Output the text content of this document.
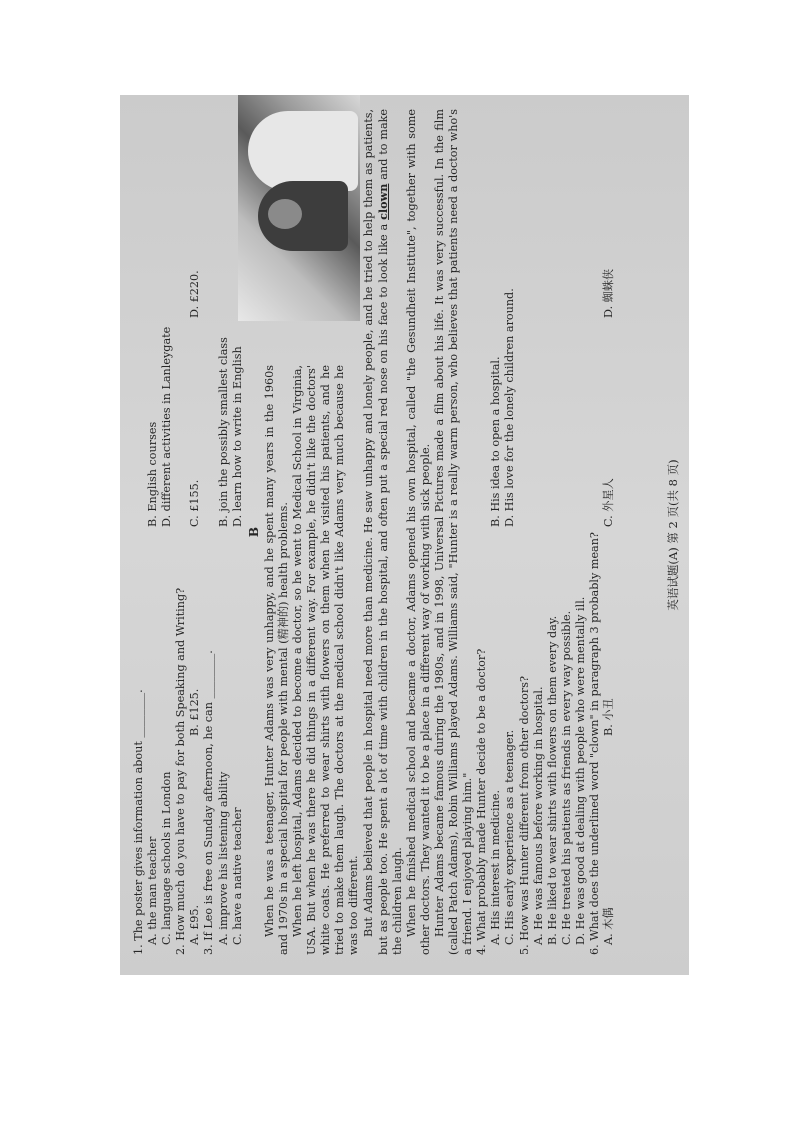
1. The poster gives information about ________. A. the man teacher
B. English courses
C. language schools in London
D. different activities in Lanleygate

2. How much do you have to pay for both Speaking and Writing? A. £95.
B. £125.
C. £155.
D. £220.

3. If Leo is free on Sunday afternoon, he can ________. A. improve his listening ability
B. join the possibly smallest class
C. have a native teacher
D. learn how to write in English
B When he was a teenager, Hunter Adams was very unhappy, and he spent many years in the 1960s and 1970s in a special hospital for people with mental (精神的) health problems. When he left hospital, Adams decided to become a doctor, so he went to Medical School in Virginia, USA. But when he was there he did things in a different way. For example, he didn't like the doctors' white coats. He preferred to wear shirts with flowers on them when he visited his patients, and he tried to make them laugh. The doctors at the medical school didn't like Adams very much because he was too different. But Adams believed that people in hospital need more than medicine. He saw unhappy and lonely people, and he tried to help them as patients, but as people too. He spent a lot of time with children in the hospital, and often put a special red nose on his face to look like a clown and to make the children laugh. When he finished medical school and became a doctor, Adams opened his own hospital, called "the Gesundheit Institute", together with some other doctors. They wanted it to be a place in a different way of working with sick people. Hunter Adams became famous during the 1980s, and in 1998, Universal Pictures made a film about his life. It was very successful. In the film (called Patch Adams), Robin Williams played Adams. Williams said, "Hunter is a really warm person, who believes that patients need a doctor who's a friend. I enjoyed playing him." 4. What probably made Hunter decide to be a doctor? A. His interest in medicine.
B. His idea to open a hospital.
C. His early experience as a teenager.
D. His love for the lonely children around.

5. How was Hunter different from other doctors? A. He was famous before working in hospital. B. He liked to wear shirts with flowers on them every day. C. He treated his patients as friends in every way possible. D. He was good at dealing with people who were mentally ill. 6. What does the underlined word "clown" in paragraph 3 probably mean? A. 木偶
B. 小丑
C. 外星人
D. 蜘蛛侠
英语试题(A) 第 2 页(共 8 页)
